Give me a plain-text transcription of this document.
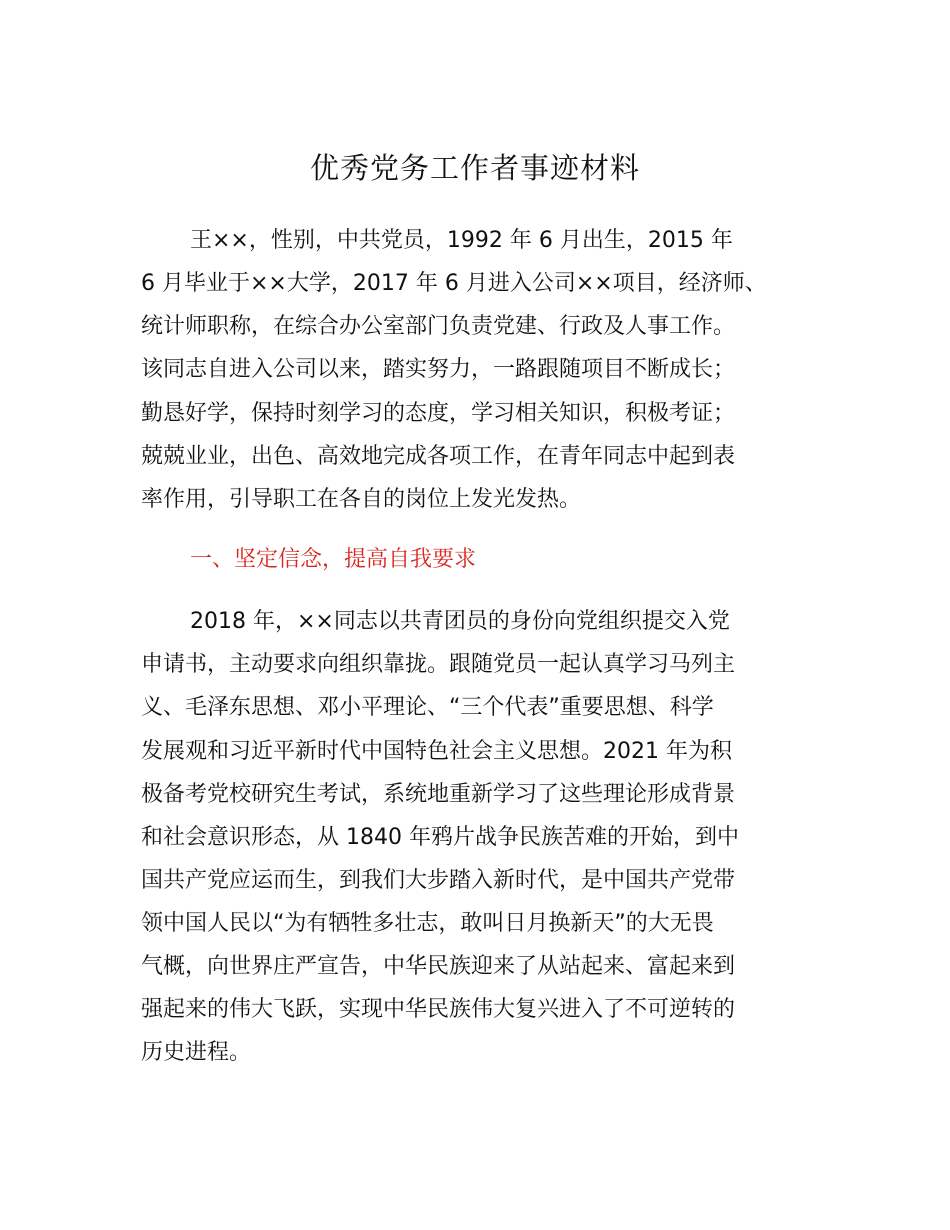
优秀党务工作者事迹材料
王××，性别，中共党员，1992 年 6 月出生，2015 年
6 月毕业于××大学，2017 年 6 月进入公司××项目，经济师、
统计师职称，在综合办公室部门负责党建、行政及人事工作。
该同志自进入公司以来，踏实努力，一路跟随项目不断成长；
勤恳好学，保持时刻学习的态度，学习相关知识，积极考证；
兢兢业业，出色、高效地完成各项工作，在青年同志中起到表
率作用，引导职工在各自的岗位上发光发热。
一、坚定信念，提高自我要求
2018 年，××同志以共青团员的身份向党组织提交入党
申请书，主动要求向组织靠拢。跟随党员一起认真学习马列主
义、毛泽东思想、邓小平理论、“三个代表”重要思想、科学
发展观和习近平新时代中国特色社会主义思想。2021 年为积
极备考党校研究生考试，系统地重新学习了这些理论形成背景
和社会意识形态，从 1840 年鸦片战争民族苦难的开始，到中
国共产党应运而生，到我们大步踏入新时代，是中国共产党带
领中国人民以“为有牺牲多壮志，敢叫日月换新天”的大无畏
气概，向世界庄严宣告，中华民族迎来了从站起来、富起来到
强起来的伟大飞跃，实现中华民族伟大复兴进入了不可逆转的
历史进程。
